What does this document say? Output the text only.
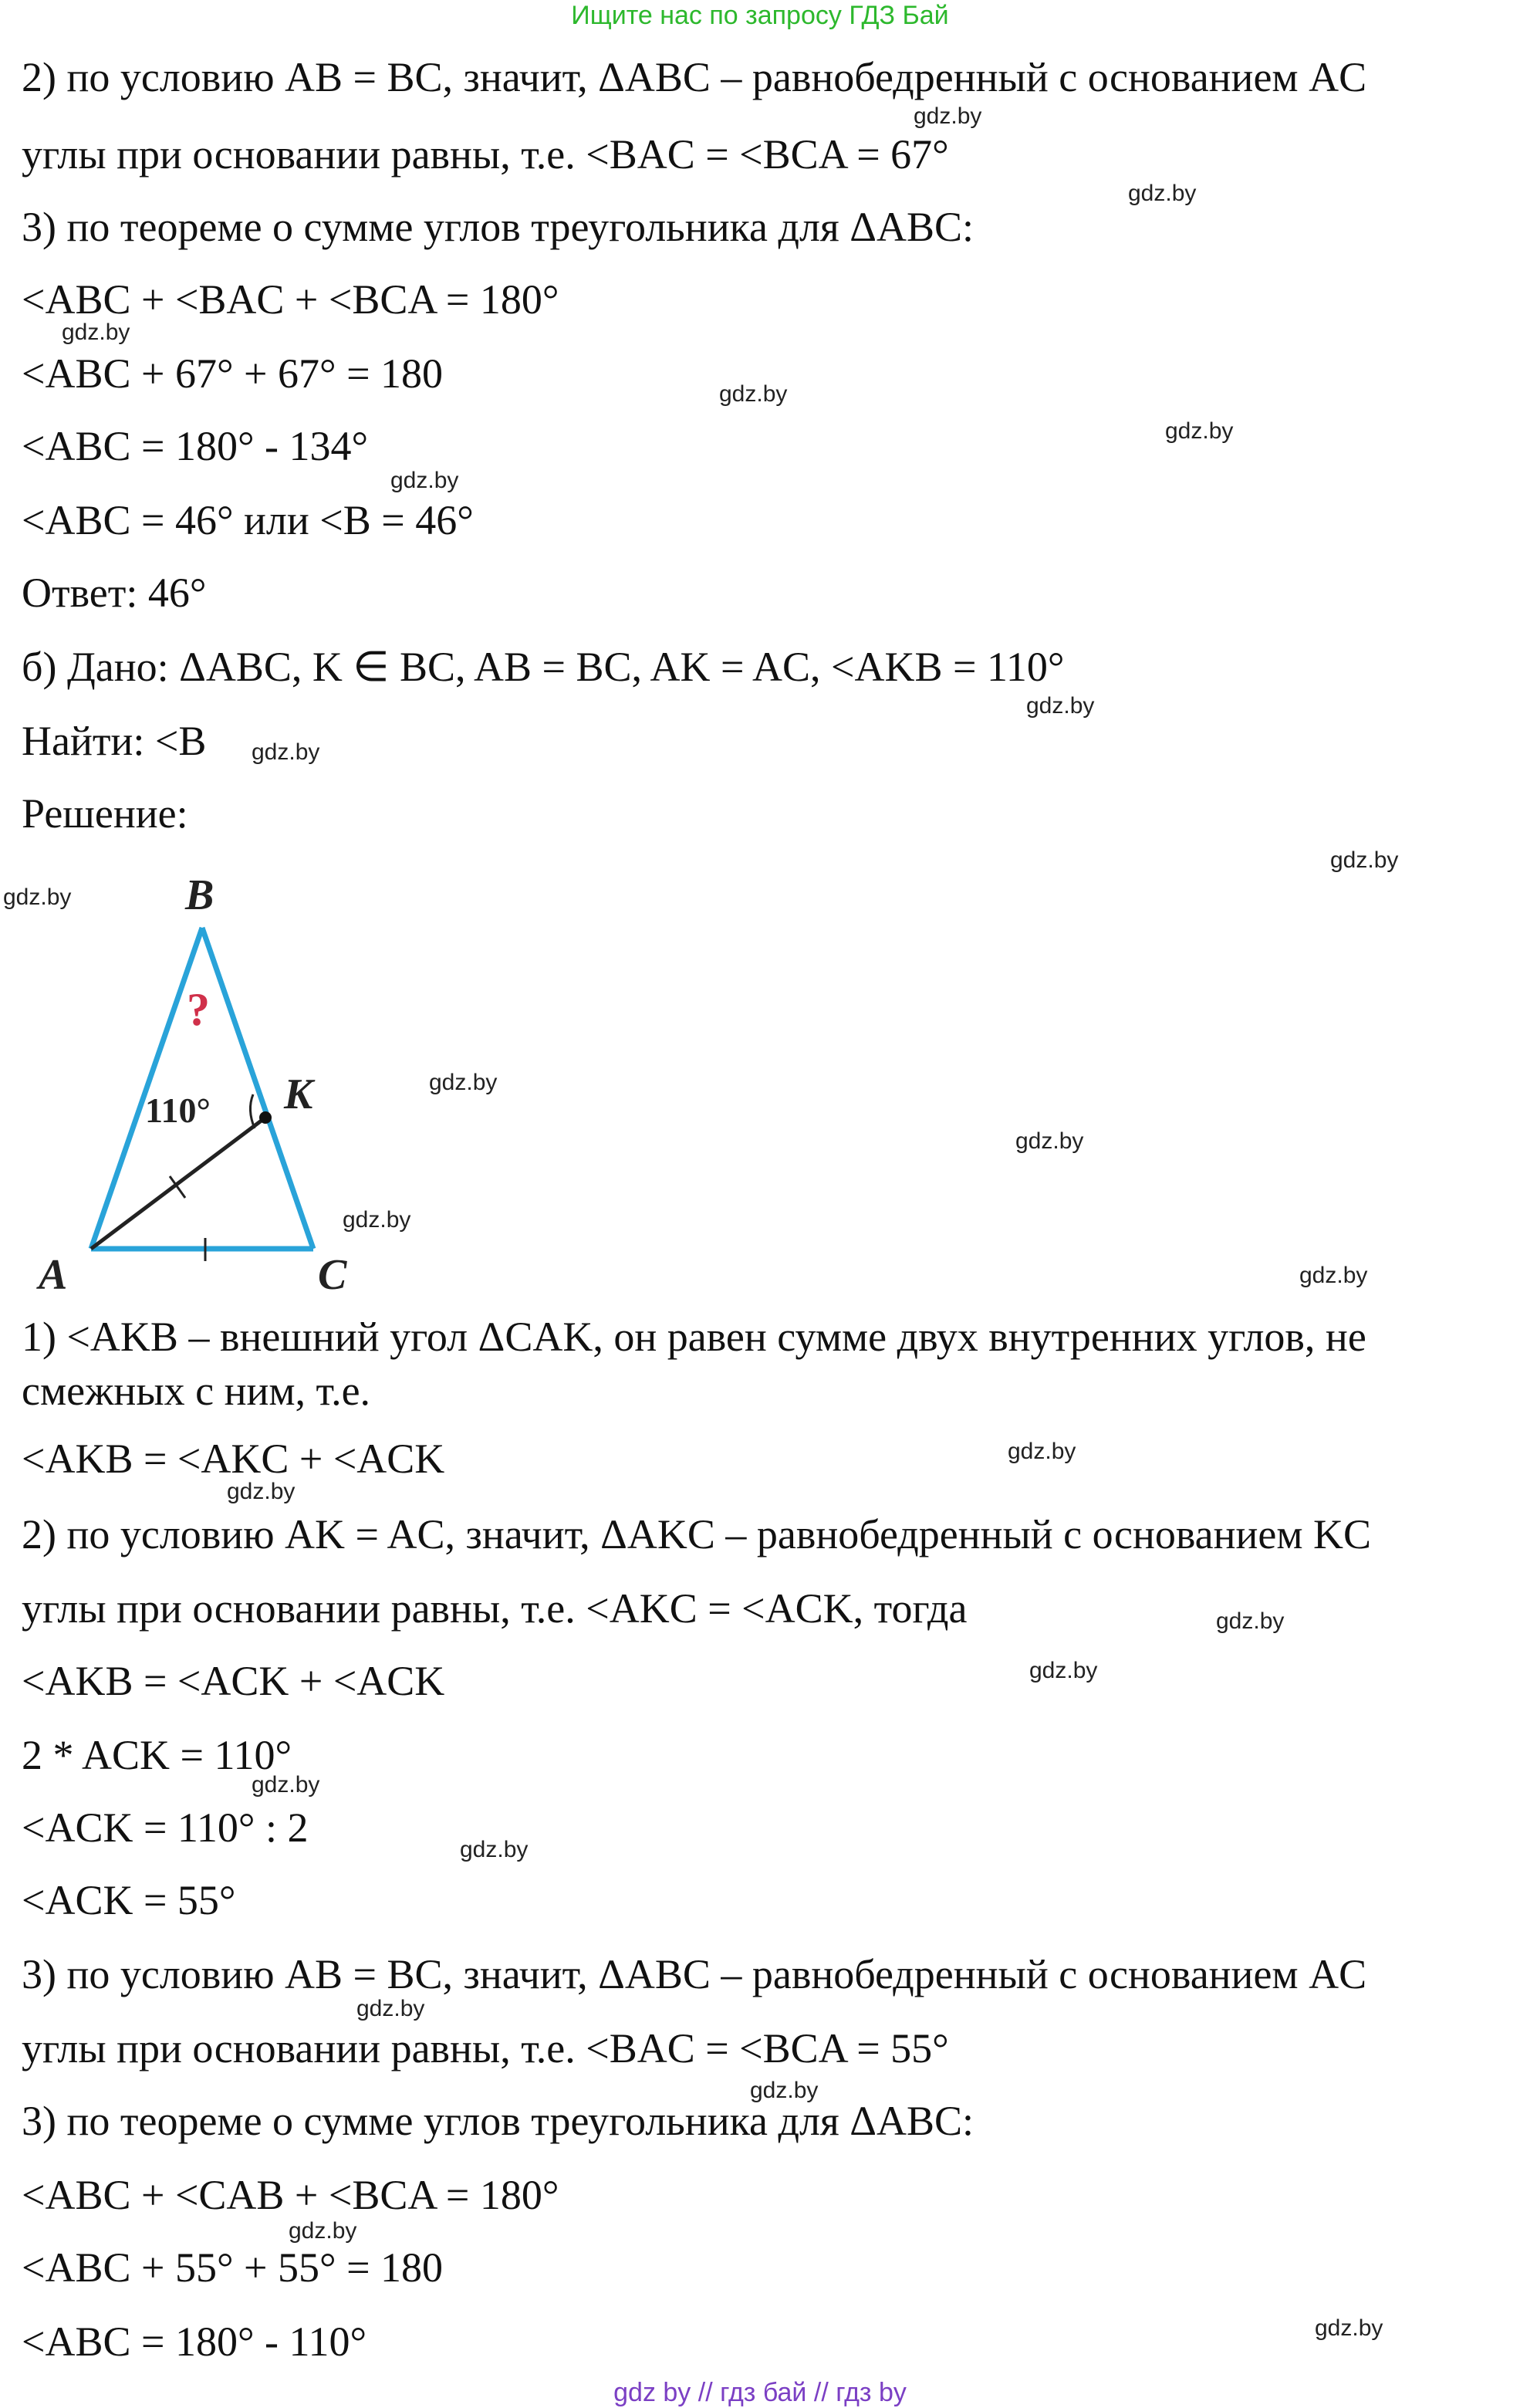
Ищите нас по запросу ГДЗ Бай
2) по условию AB = BC, значит, ΔABC – равнобедренный с основанием AC
углы при основании равны, т.е. <BAC = <BCA = 67°
3) по теореме о сумме углов треугольника для ΔABC:
<ABC + <BAC + <BCA = 180°
<ABC + 67° + 67° = 180
<ABC = 180° - 134°
<ABC = 46° или <B = 46°
Ответ: 46°
б) Дано: ΔABC, K ∈ BC, AB = BC, AK = AC, <AKB = 110°
Найти: <B
Решение:
B
K
A	C
110°
?
1) <AKB – внешний угол ΔCAK, он равен сумме двух внутренних углов, не
смежных с ним, т.е.
<AKB = <AKC + <ACK
2) по условию AK = AC, значит, ΔAKC – равнобедренный с основанием KC
углы при основании равны, т.е. <AKC = <ACK, тогда
<AKB = <ACK + <ACK
2 * ACK = 110°
<ACK = 110° : 2
<ACK = 55°
3) по условию AB = BC, значит, ΔABC – равнобедренный с основанием AC
углы при основании равны, т.е. <BAC = <BCA = 55°
3) по теореме о сумме углов треугольника для ΔABC:
<ABC + <CAB + <BCA = 180°
<ABC + 55° + 55° = 180
<ABC = 180° - 110°
gdz.by
gdz.by
gdz.by
gdz.by
gdz.by
gdz.by
gdz.by
gdz.by
gdz.by
gdz.by
gdz.by
gdz.by
gdz.by
gdz.by
gdz.by
gdz.by
gdz.by
gdz.by
gdz.by
gdz.by
gdz.by
gdz.by
gdz.by
gdz.by
gdz by // гдз бай // гдз by
